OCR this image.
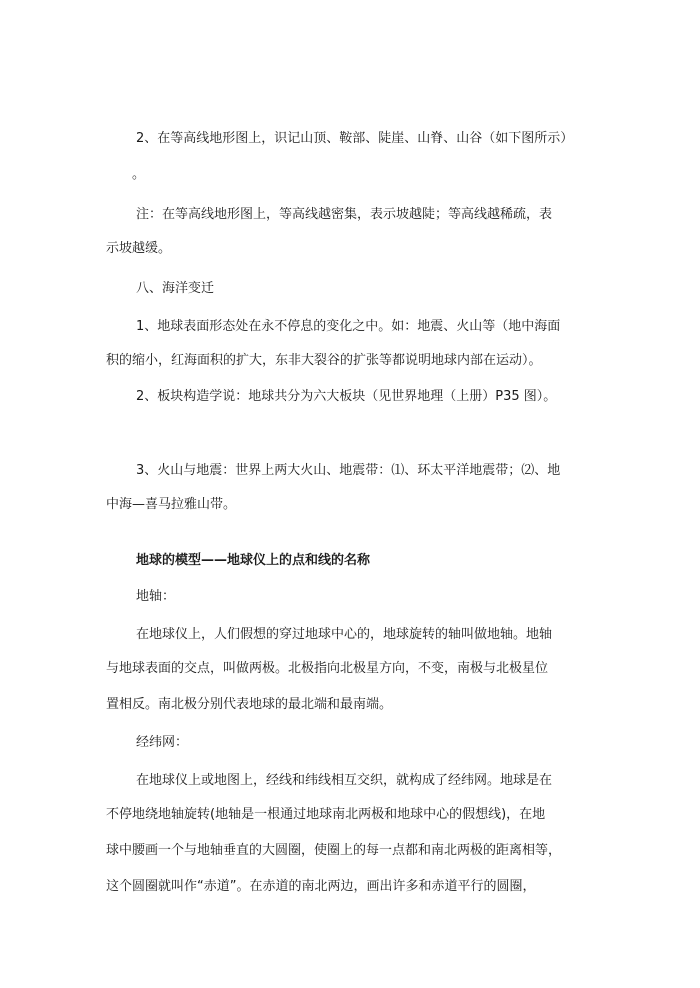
2、在等高线地形图上，识记山顶、鞍部、陡崖、山脊、山谷（如下图所示）
。
注：在等高线地形图上，等高线越密集，表示坡越陡；等高线越稀疏，表
示坡越缓。
八、海洋变迁
1、地球表面形态处在永不停息的变化之中。如：地震、火山等（地中海面
积的缩小，红海面积的扩大，东非大裂谷的扩张等都说明地球内部在运动）。
2、板块构造学说：地球共分为六大板块（见世界地理（上册）P35 图）。
3、火山与地震：世界上两大火山、地震带：⑴、环太平洋地震带；⑵、地
中海—喜马拉雅山带。
地球的模型——地球仪上的点和线的名称
地轴：
在地球仪上，人们假想的穿过地球中心的，地球旋转的轴叫做地轴。地轴
与地球表面的交点，叫做两极。北极指向北极星方向，不变，南极与北极星位
置相反。南北极分别代表地球的最北端和最南端。
经纬网：
在地球仪上或地图上，经线和纬线相互交织，就构成了经纬网。地球是在
不停地绕地轴旋转(地轴是一根通过地球南北两极和地球中心的假想线)，在地
球中腰画一个与地轴垂直的大圆圈，使圈上的每一点都和南北两极的距离相等，
这个圆圈就叫作“赤道”。在赤道的南北两边，画出许多和赤道平行的圆圈，
